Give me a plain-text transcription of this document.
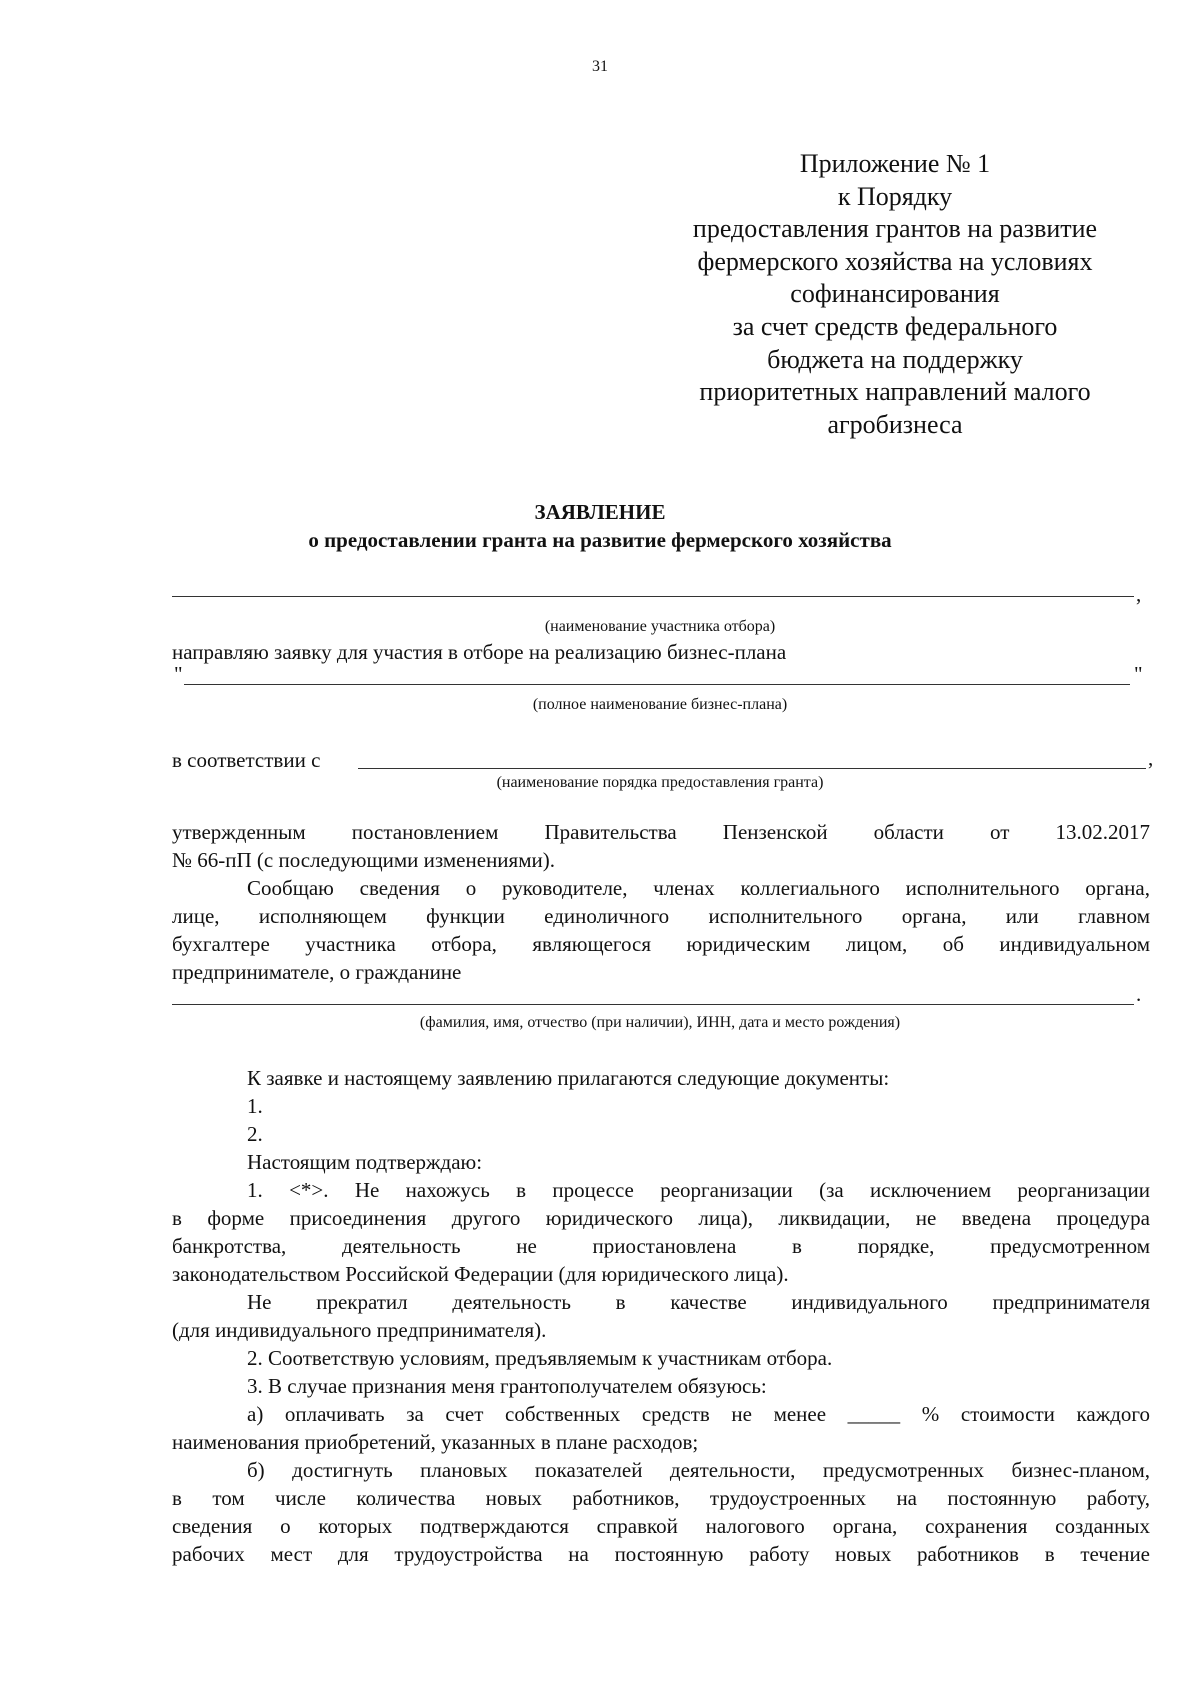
31
Приложение № 1
к Порядку
предоставления грантов на развитие
фермерского хозяйства на условиях
софинансирования
за счет средств федерального
бюджета на поддержку
приоритетных направлений малого
агробизнеса
ЗАЯВЛЕНИЕ
о предоставлении гранта на развитие фермерского хозяйства
,
(наименование участника отбора)
направляю заявку для участия в отборе на реализацию бизнес-плана
"	"
(полное наименование бизнес-плана)
в соответствии с	,
(наименование порядка предоставления гранта)
утвержденным постановлением Правительства Пензенской области от 13.02.2017
№ 66-пП (с последующими изменениями).
Сообщаю сведения о руководителе, членах коллегиального исполнительного органа,
лице, исполняющем функции единоличного исполнительного органа, или главном
бухгалтере участника отбора, являющегося юридическим лицом, об индивидуальном
предпринимателе, о гражданине
.
(фамилия, имя, отчество (при наличии), ИНН, дата и место рождения)
К заявке и настоящему заявлению прилагаются следующие документы:
1.
2.
Настоящим подтверждаю:
1. <*>. Не нахожусь в процессе реорганизации (за исключением реорганизации
в форме присоединения другого юридического лица), ликвидации, не введена процедура
банкротства, деятельность не приостановлена в порядке, предусмотренном
законодательством Российской Федерации (для юридического лица).
Не прекратил деятельность в качестве индивидуального предпринимателя
(для индивидуального предпринимателя).
2. Соответствую условиям, предъявляемым к участникам отбора.
3. В случае признания меня грантополучателем обязуюсь:
а) оплачивать за счет собственных средств не менее _____ % стоимости каждого
наименования приобретений, указанных в плане расходов;
б) достигнуть плановых показателей деятельности, предусмотренных бизнес-планом,
в том числе количества новых работников, трудоустроенных на постоянную работу,
сведения о которых подтверждаются справкой налогового органа, сохранения созданных
рабочих мест для трудоустройства на постоянную работу новых работников в течение
